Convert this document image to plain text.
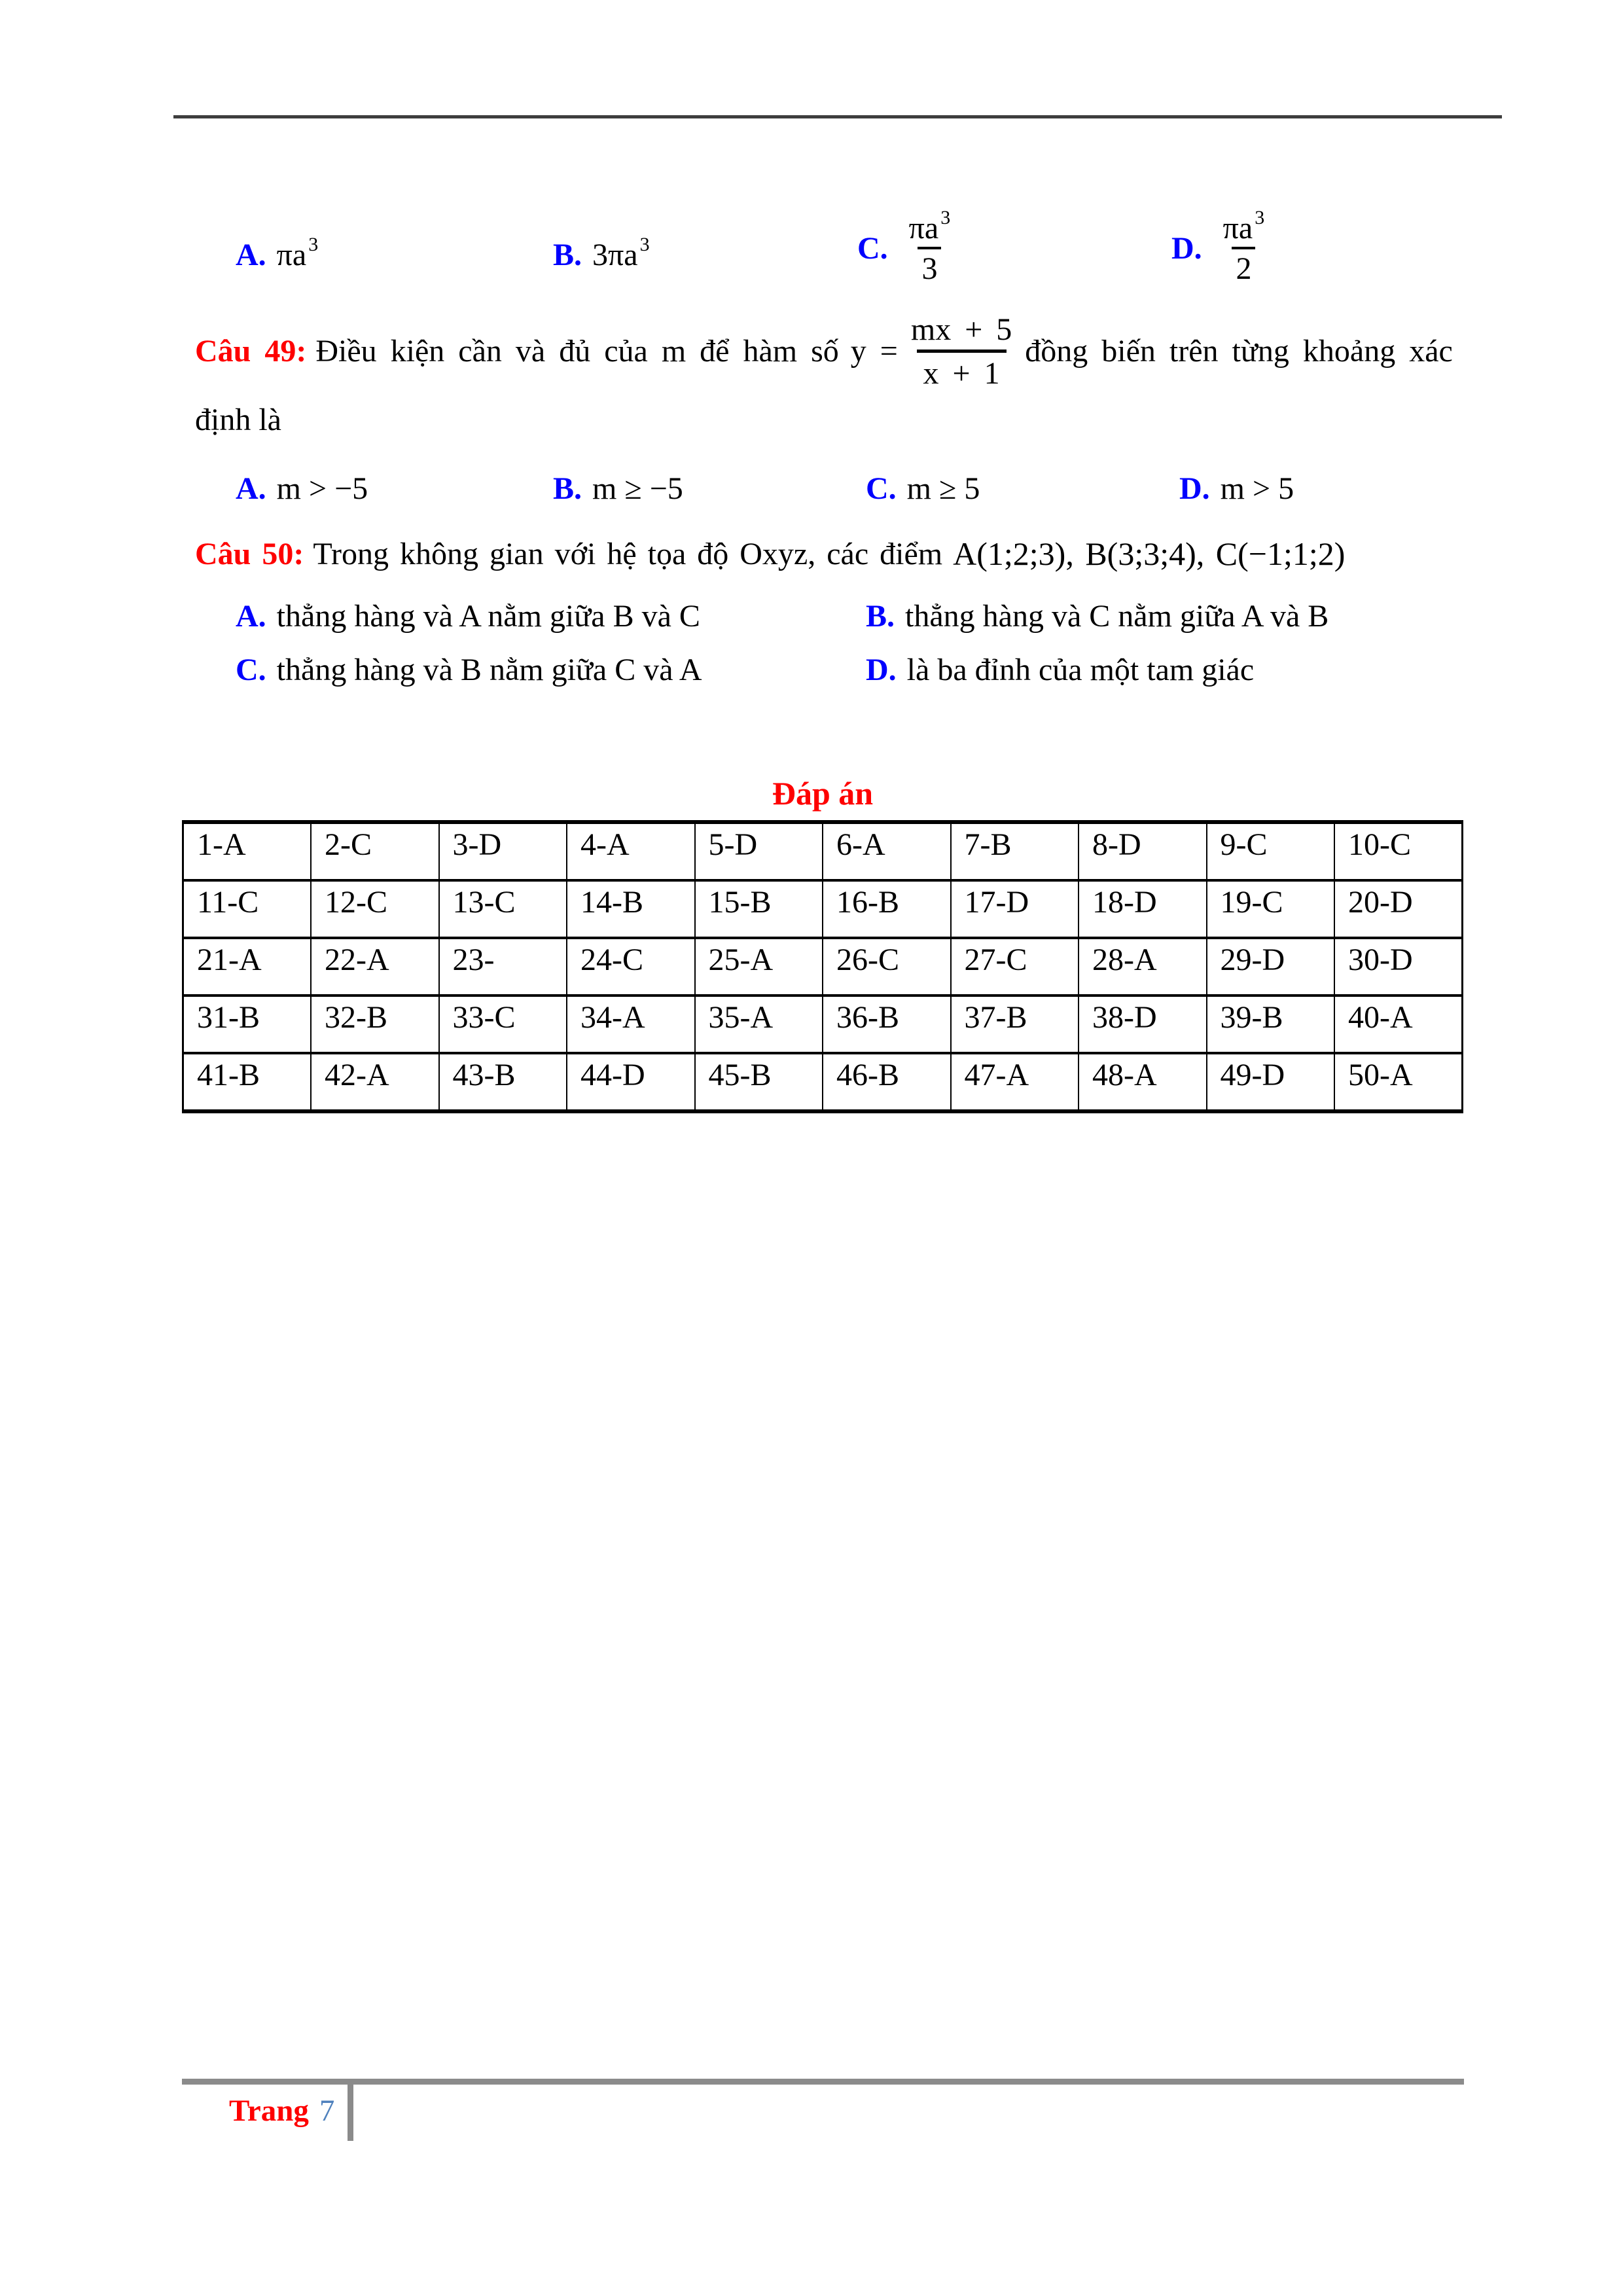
A. πa $^3$	B. 3πa $^3$	C. $\frac{\pi a ^3}{3}$	D. $\frac{\pi a ^3}{2}$
Câu 49: Điều kiện cần và đủ của m để hàm số $y = \frac{mx + 5}{x + 1}$ đồng biến trên từng khoảng xác
định là
A. m > −5	B. m ≥ −5	C. m ≥ 5	D. m > 5
Câu 50: Trong không gian với hệ tọa độ Oxyz, các điểm A(1;2;3), B(3;3;4), C(−1;1;2)
A. thẳng hàng và A nằm giữa B và C	B. thẳng hàng và C nằm giữa A và B
C. thẳng hàng và B nằm giữa C và A	D. là ba đỉnh của một tam giác
Đáp án
1-A	2-C	3-D	4-A	5-D	6-A	7-B	8-D	9-C	10-C
11-C	12-C	13-C	14-B	15-B	16-B	17-D	18-D	19-C	20-D
21-A	22-A	23-	24-C	25-A	26-C	27-C	28-A	29-D	30-D
31-B	32-B	33-C	34-A	35-A	36-B	37-B	38-D	39-B	40-A
41-B	42-A	43-B	44-D	45-B	46-B	47-A	48-A	49-D	50-A
Trang 7
